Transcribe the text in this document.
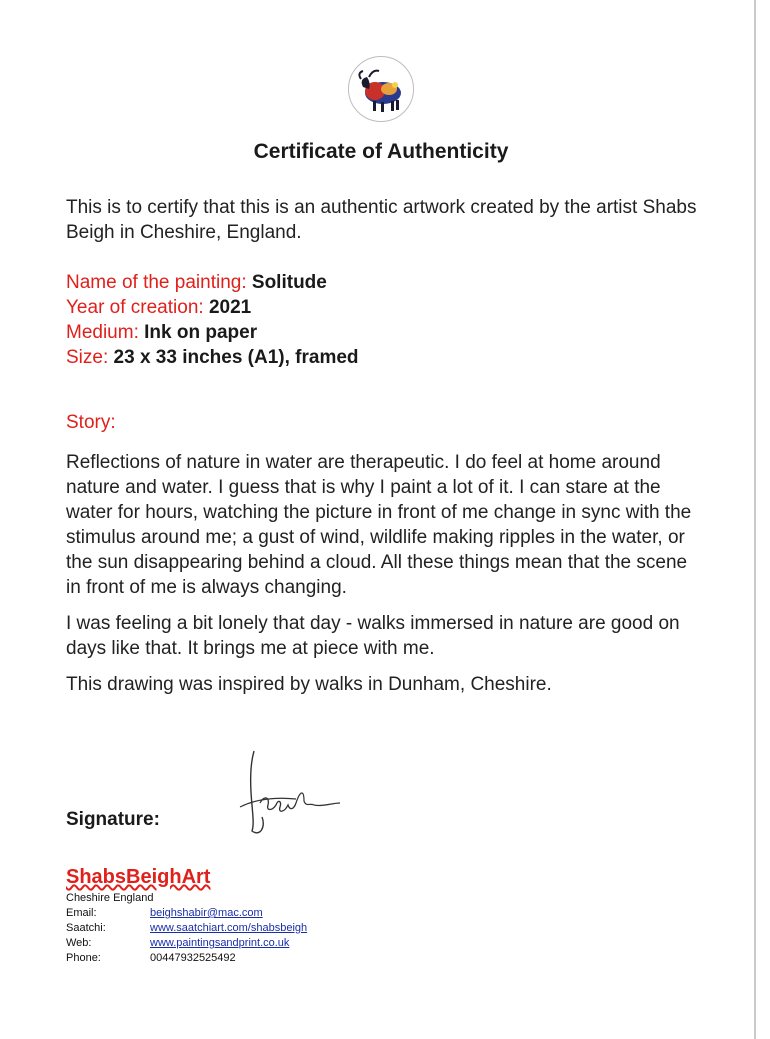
Certificate of Authenticity
This is to certify that this is an authentic artwork created by the artist Shabs Beigh in Cheshire, England.
Name of the painting: Solitude
Year of creation: 2021
Medium: Ink on paper
Size: 23 x 33 inches (A1), framed
Story:

Reflections of nature in water are therapeutic. I do feel at home around nature and water. I guess that is why I paint a lot of it. I can stare at the water for hours, watching the picture in front of me change in sync with the stimulus around me; a gust of wind, wildlife making ripples in the water, or the sun disappearing behind a cloud. All these things mean that the scene in front of me is always changing.

I was feeling a bit lonely that day - walks immersed in nature are good on days like that. It brings me at piece with me.

This drawing was inspired by walks in Dunham, Cheshire.

Signature:
ShabsBeighArt
Cheshire England
Email:	beighshabir@mac.com
Saatchi:	www.saatchiart.com/shabsbeigh
Web:	www.paintingsandprint.co.uk
Phone:	00447932525492
